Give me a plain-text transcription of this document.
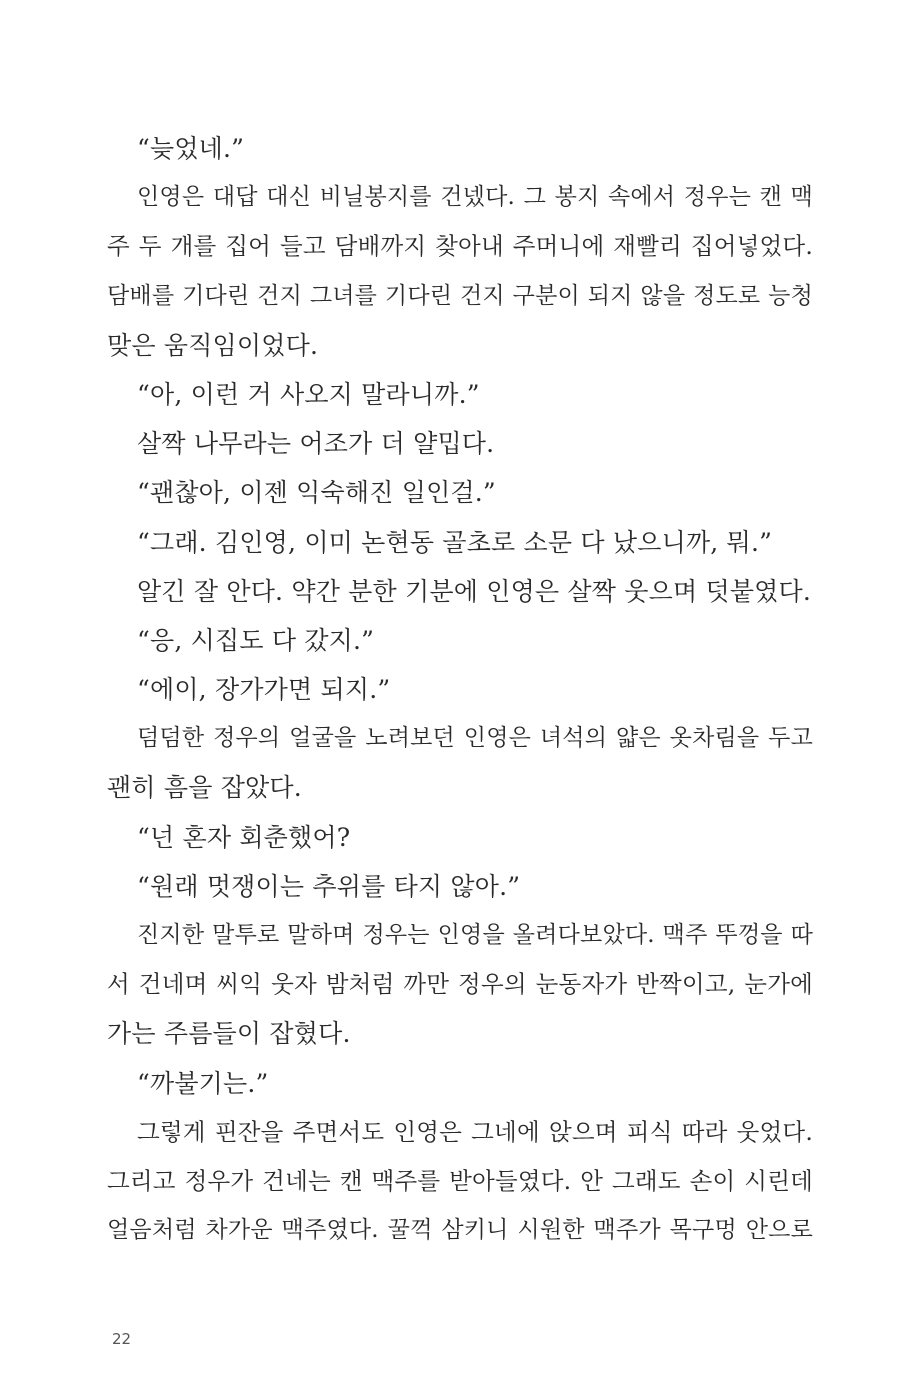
“늦었네.”
인영은 대답 대신 비닐봉지를 건넸다. 그 봉지 속에서 정우는 캔 맥
주 두 개를 집어 들고 담배까지 찾아내 주머니에 재빨리 집어넣었다.
담배를 기다린 건지 그녀를 기다린 건지 구분이 되지 않을 정도로 능청
맞은 움직임이었다.
“아, 이런 거 사오지 말라니까.”
살짝 나무라는 어조가 더 얄밉다.
“괜찮아, 이젠 익숙해진 일인걸.”
“그래. 김인영, 이미 논현동 골초로 소문 다 났으니까, 뭐.”
알긴 잘 안다. 약간 분한 기분에 인영은 살짝 웃으며 덧붙였다.
“응, 시집도 다 갔지.”
“에이, 장가가면 되지.”
덤덤한 정우의 얼굴을 노려보던 인영은 녀석의 얇은 옷차림을 두고
괜히 흠을 잡았다.
“넌 혼자 회춘했어?
“원래 멋쟁이는 추위를 타지 않아.”
진지한 말투로 말하며 정우는 인영을 올려다보았다. 맥주 뚜껑을 따
서 건네며 씨익 웃자 밤처럼 까만 정우의 눈동자가 반짝이고, 눈가에
가는 주름들이 잡혔다.
“까불기는.”
그렇게 핀잔을 주면서도 인영은 그네에 앉으며 피식 따라 웃었다.
그리고 정우가 건네는 캔 맥주를 받아들였다. 안 그래도 손이 시린데
얼음처럼 차가운 맥주였다. 꿀꺽 삼키니 시원한 맥주가 목구멍 안으로
22
